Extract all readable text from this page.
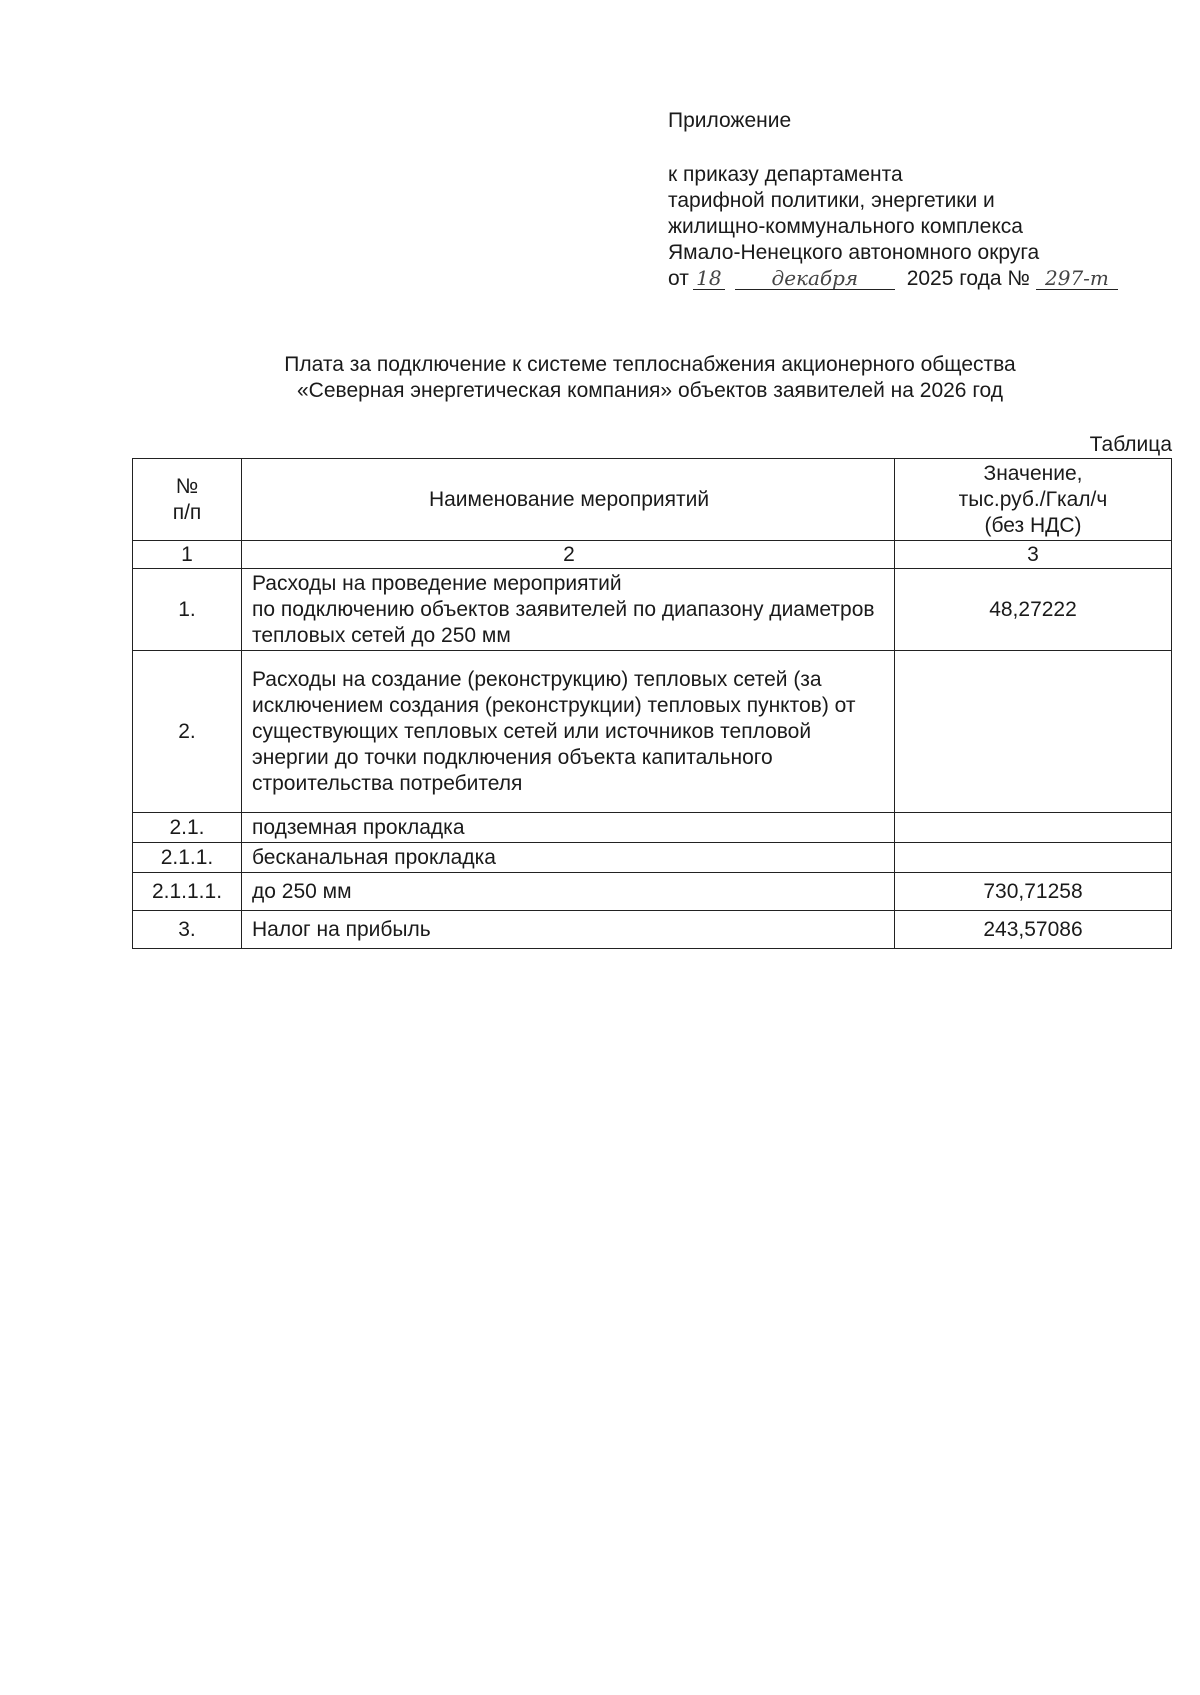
Приложение
к приказу департамента
тарифной политики, энергетики и
жилищно-коммунального комплекса
Ямало-Ненецкого автономного округа
от 18 декабря 2025 года № 297-т
Плата за подключение к системе теплоснабжения акционерного общества
«Северная энергетическая компания» объектов заявителей на 2026 год
Таблица
№
п/п	Наименование мероприятий	Значение,
тыс.руб./Гкал/ч
(без НДС)
1	2	3
1.	Расходы на проведение мероприятий
по подключению объектов заявителей по диапазону диаметров тепловых сетей до 250 мм	48,27222
2.	Расходы на создание (реконструкцию) тепловых сетей (за исключением создания (реконструкции) тепловых пунктов) от существующих тепловых сетей или источников тепловой энергии до точки подключения объекта капитального строительства потребителя	
2.1.	подземная прокладка	
2.1.1.	бесканальная прокладка	
2.1.1.1.	до 250 мм	730,71258
3.	Налог на прибыль	243,57086
